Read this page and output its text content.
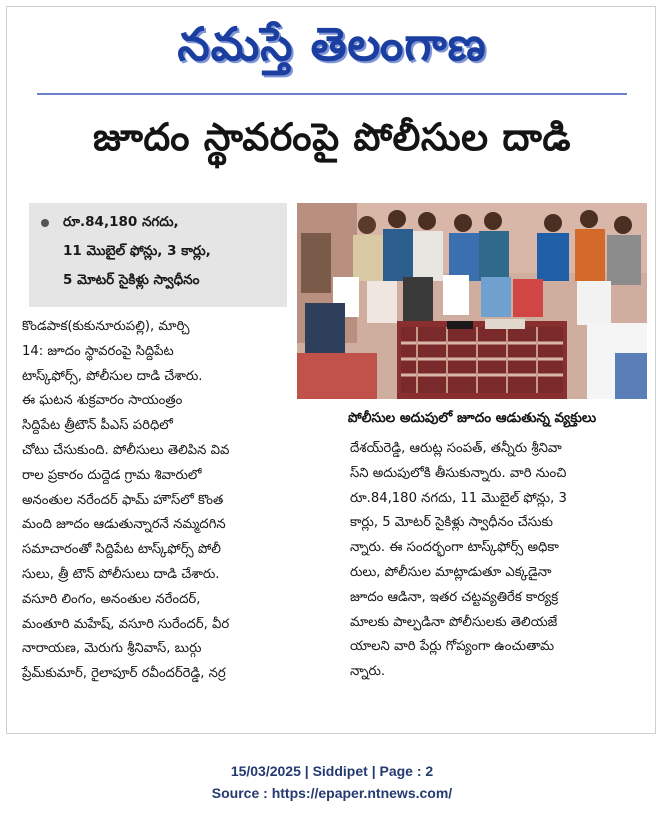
నమస్తే తెలంగాణ
జూదం స్థావరంపై పోలీసుల దాడి
రూ.84,180 నగదు,
11 మొబైల్ ఫోన్లు, 3 కార్లు,
5 మోటర్ సైకిళ్లు స్వాధీనం
పోలీసుల అదుపులో జూదం ఆడుతున్న వ్యక్తులు
కొండపాక(కుకునూరుపల్లి), మార్చి
14: జూదం స్థావరంపై సిద్దిపేట
టాస్క్‌ఫోర్స్, పోలీసుల దాడి చేశారు.
ఈ ఘటన శుక్రవారం సాయంత్రం
సిద్దిపేట త్రీటౌన్ పీఎస్ పరిధిలో
చోటు చేసుకుంది. పోలీసులు తెలిపిన వివ
రాల ప్రకారం దుద్దెడ గ్రామ శివారులో
అనంతుల నరేందర్ ఫామ్ హౌస్‌లో కొంత
మంది జూదం ఆడుతున్నారనే నమ్మదగిన
సమాచారంతో సిద్దిపేట టాస్క్‌ఫోర్స్ పోలీ
సులు, త్రీ టౌన్ పోలీసులు దాడి చేశారు.
వసూరి లింగం, అనంతుల నరేందర్,
మంతూరి మహేష్, వసూరి సురేందర్, వీర
నారాయణ, మెరుగు శ్రీనివాస్, బుర్గు
ప్రేమ్‌కుమార్, రైలాపూర్ రవీందర్‌రెడ్డి, నర్ర
దేశయ్‌రెడ్డి, ఆరుట్ల సంపత్, తన్నీరు శ్రీనివా
స్‌ని అదుపులోకి తీసుకున్నారు. వారి నుంచి
రూ.84,180 నగదు, 11 మొబైల్ ఫోన్లు, 3
కార్లు, 5 మోటర్ సైకిళ్లు స్వాధీనం చేసుకు
న్నారు. ఈ సందర్భంగా టాస్క్‌ఫోర్స్ అధికా
రులు, పోలీసుల మాట్లాడుతూ ఎక్కడైనా
జూదం ఆడినా, ఇతర చట్టవ్యతిరేక కార్యక్ర
మాలకు పాల్పడినా పోలీసులకు తెలియజే
యాలని వారి పేర్లు గోప్యంగా ఉంచుతామ
న్నారు.
15/03/2025 | Siddipet | Page : 2
Source : https://epaper.ntnews.com/
